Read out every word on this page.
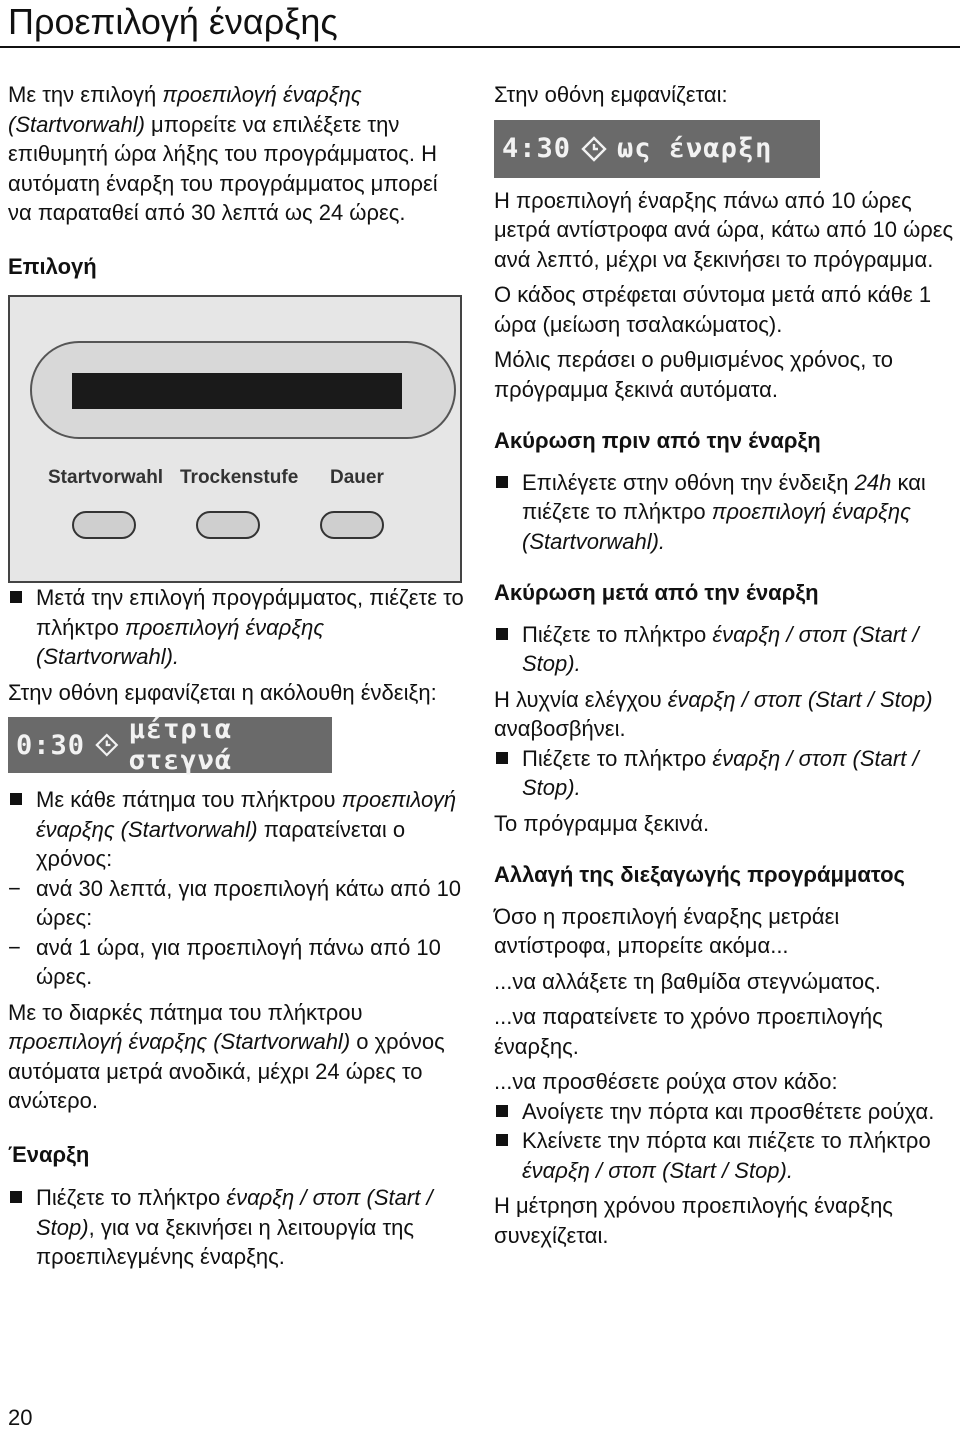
Προεπιλογή έναρξης

Με την επιλογή προεπιλογή έναρξης (Startvorwahl) μπορείτε να επιλέξετε την επιθυμητή ώρα λήξης του προγράμματος. Η αυτόματη έναρξη του προγράμματος μπορεί να παραταθεί από 30 λεπτά ως 24 ώρες.

Επιλογή

Startvorwahl Trockenstufe Dauer

Μετά την επιλογή προγράμματος, πιέζετε το πλήκτρο προεπιλογή έναρξης (Startvorwahl).

Στην οθόνη εμφανίζεται η ακόλουθη ένδειξη:

0:30 μέτρια στεγνά

Με κάθε πάτημα του πλήκτρου προεπιλογή έναρξης (Startvorwahl) παρατείνεται ο χρόνος:

− ανά 30 λεπτά, για προεπιλογή κάτω από 10 ώρες:

− ανά 1 ώρα, για προεπιλογή πάνω από 10 ώρες.

Με το διαρκές πάτημα του πλήκτρου προεπιλογή έναρξης (Startvorwahl) ο χρόνος αυτόματα μετρά ανοδικά, μέχρι 24 ώρες το ανώτερο.

Έναρξη

Πιέζετε το πλήκτρο έναρξη / στοπ (Start / Stop), για να ξεκινήσει η λειτουργία της προεπιλεγμένης έναρξης.

Στην οθόνη εμφανίζεται:

4:30 ως έναρξη

Η προεπιλογή έναρξης πάνω από 10 ώρες μετρά αντίστροφα ανά ώρα, κάτω από 10 ώρες ανά λεπτό, μέχρι να ξεκινήσει το πρόγραμμα.

Ο κάδος στρέφεται σύντομα μετά από κάθε 1 ώρα (μείωση τσαλακώματος).

Μόλις περάσει ο ρυθμισμένος χρόνος, το πρόγραμμα ξεκινά αυτόματα.

Ακύρωση πριν από την έναρξη

Επιλέγετε στην οθόνη την ένδειξη 24h και πιέζετε το πλήκτρο προεπιλογή έναρξης (Startvorwahl).

Ακύρωση μετά από την έναρξη

Πιέζετε το πλήκτρο έναρξη / στοπ (Start / Stop).

Η λυχνία ελέγχου έναρξη / στοπ (Start / Stop) αναβοσβήνει.

Πιέζετε το πλήκτρο έναρξη / στοπ (Start / Stop).

Το πρόγραμμα ξεκινά.

Αλλαγή της διεξαγωγής προγράμματος

Όσο η προεπιλογή έναρξης μετράει αντίστροφα, μπορείτε ακόμα...

...να αλλάξετε τη βαθμίδα στεγνώματος.

...να παρατείνετε το χρόνο προεπιλογής έναρξης.

...να προσθέσετε ρούχα στον κάδο:

Ανοίγετε την πόρτα και προσθέτετε ρούχα.

Κλείνετε την πόρτα και πιέζετε το πλήκτρο έναρξη / στοπ (Start / Stop).

Η μέτρηση χρόνου προεπιλογής έναρξης συνεχίζεται.

20
